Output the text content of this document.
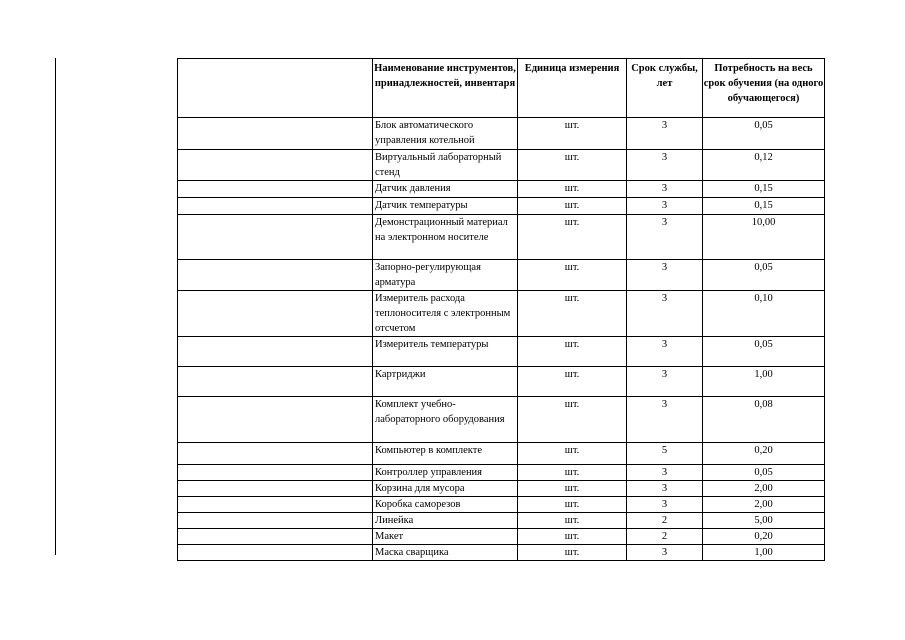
	Наименование инструментов, принадлежностей, инвентаря	Единица измерения	Срок службы, лет	Потребность на весь срок обучения (на одного обучающегося)

	Блок автоматического управления котельной	шт.	3	0,05
	Виртуальный лабораторный стенд	шт.	3	0,12
	Датчик давления	шт.	3	0,15
	Датчик температуры	шт.	3	0,15
	Демонстрационный материал на электронном носителе	шт.	3	10,00
	Запорно-регулирующая арматура	шт.	3	0,05
	Измеритель расхода теплоносителя с электронным отсчетом	шт.	3	0,10
	Измеритель температуры	шт.	3	0,05
	Картриджи	шт.	3	1,00
	Комплект учебно-лабораторного оборудования	шт.	3	0,08
	Компьютер в комплекте	шт.	5	0,20
	Контроллер управления	шт.	3	0,05
	Корзина для мусора	шт.	3	2,00
	Коробка саморезов	шт.	3	2,00
	Линейка	шт.	2	5,00
	Макет	шт.	2	0,20
	Маска сварщика	шт.	3	1,00
